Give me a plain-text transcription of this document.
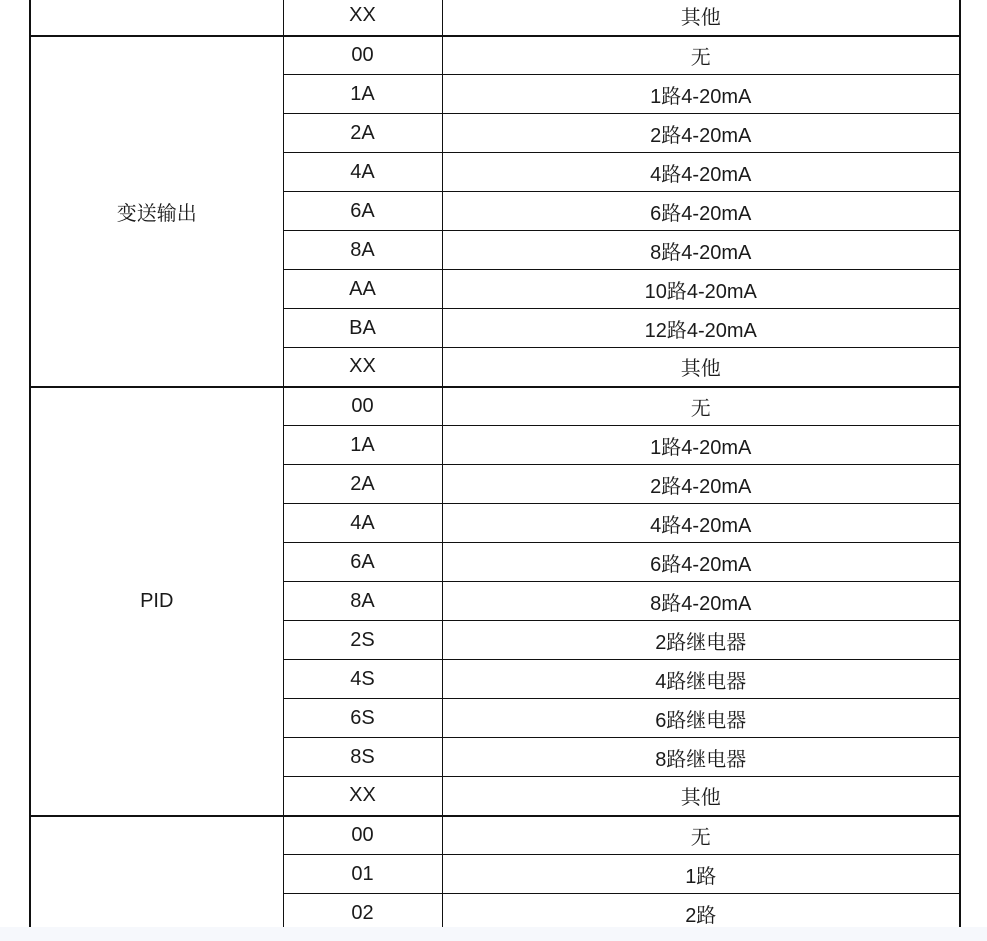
	XX	其他
变送输出	00	无
	1A	1路4-20mA
	2A	2路4-20mA
	4A	4路4-20mA
	6A	6路4-20mA
	8A	8路4-20mA
	AA	10路4-20mA
	BA	12路4-20mA
	XX	其他
PID	00	无
	1A	1路4-20mA
	2A	2路4-20mA
	4A	4路4-20mA
	6A	6路4-20mA
	8A	8路4-20mA
	2S	2路继电器
	4S	4路继电器
	6S	6路继电器
	8S	8路继电器
	XX	其他
	00	无
	01	1路
	02	2路
